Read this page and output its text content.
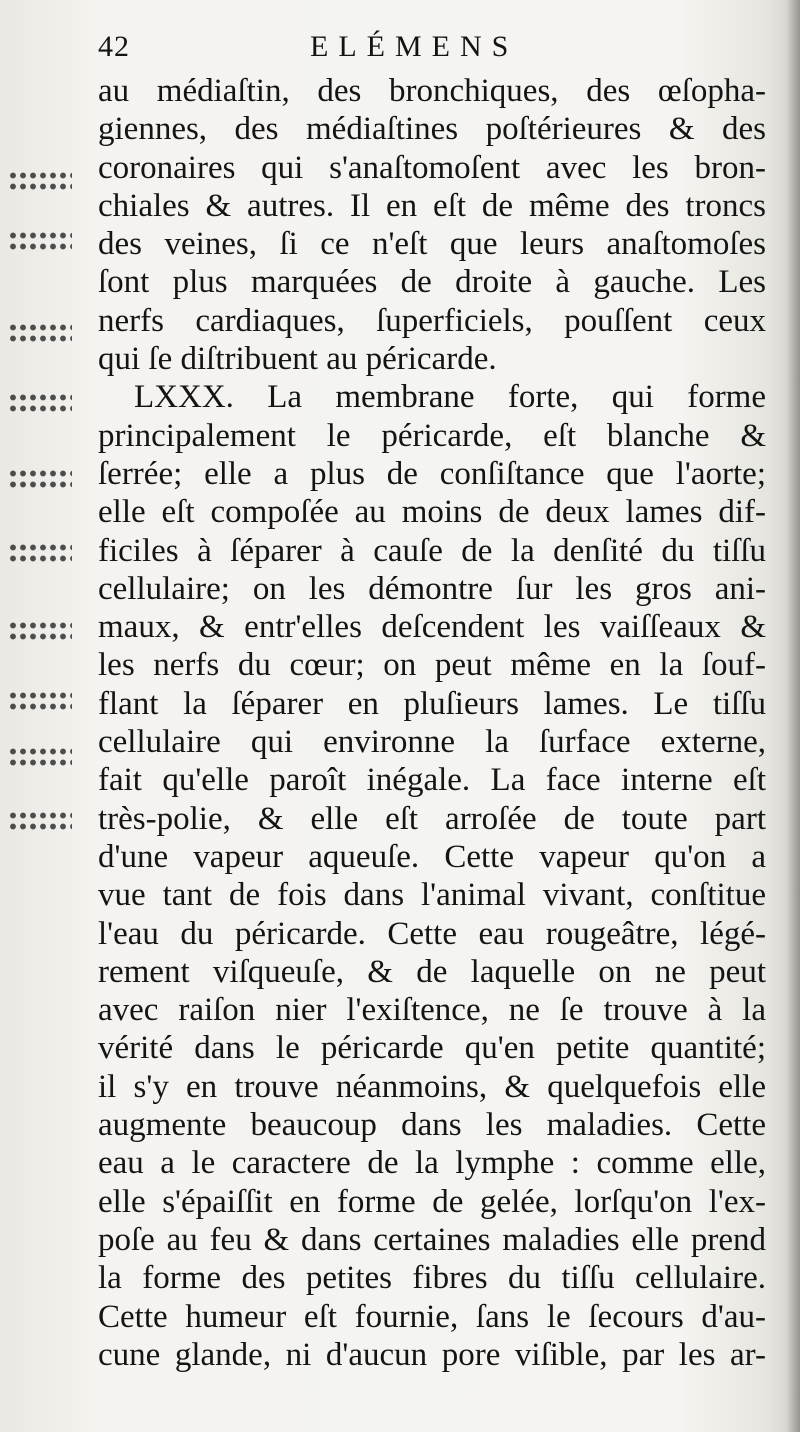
42	ELÉMENS
au médiaſtin, des bronchiques, des œſopha-
giennes, des médiaſtines poſtérieures & des
coronaires qui s'anaſtomoſent avec les bron-
chiales & autres. Il en eſt de même des troncs
des veines, ſi ce n'eſt que leurs anaſtomoſes
ſont plus marquées de droite à gauche. Les
nerfs cardiaques, ſuperficiels, pouſſent ceux
qui ſe diſtribuent au péricarde.
LXXX. La membrane forte, qui forme
principalement le péricarde, eſt blanche &
ſerrée; elle a plus de conſiſtance que l'aorte;
elle eſt compoſée au moins de deux lames dif-
ficiles à ſéparer à cauſe de la denſité du tiſſu
cellulaire; on les démontre ſur les gros ani-
maux, & entr'elles deſcendent les vaiſſeaux &
les nerfs du cœur; on peut même en la ſouf-
flant la ſéparer en pluſieurs lames. Le tiſſu
cellulaire qui environne la ſurface externe,
fait qu'elle paroît inégale. La face interne eſt
très-polie, & elle eſt arroſée de toute part
d'une vapeur aqueuſe. Cette vapeur qu'on a
vue tant de fois dans l'animal vivant, conſtitue
l'eau du péricarde. Cette eau rougeâtre, légé-
rement viſqueuſe, & de laquelle on ne peut
avec raiſon nier l'exiſtence, ne ſe trouve à la
vérité dans le péricarde qu'en petite quantité;
il s'y en trouve néanmoins, & quelquefois elle
augmente beaucoup dans les maladies. Cette
eau a le caractere de la lymphe : comme elle,
elle s'épaiſſit en forme de gelée, lorſqu'on l'ex-
poſe au feu & dans certaines maladies elle prend
la forme des petites fibres du tiſſu cellulaire.
Cette humeur eſt fournie, ſans le ſecours d'au-
cune glande, ni d'aucun pore viſible, par les ar-
